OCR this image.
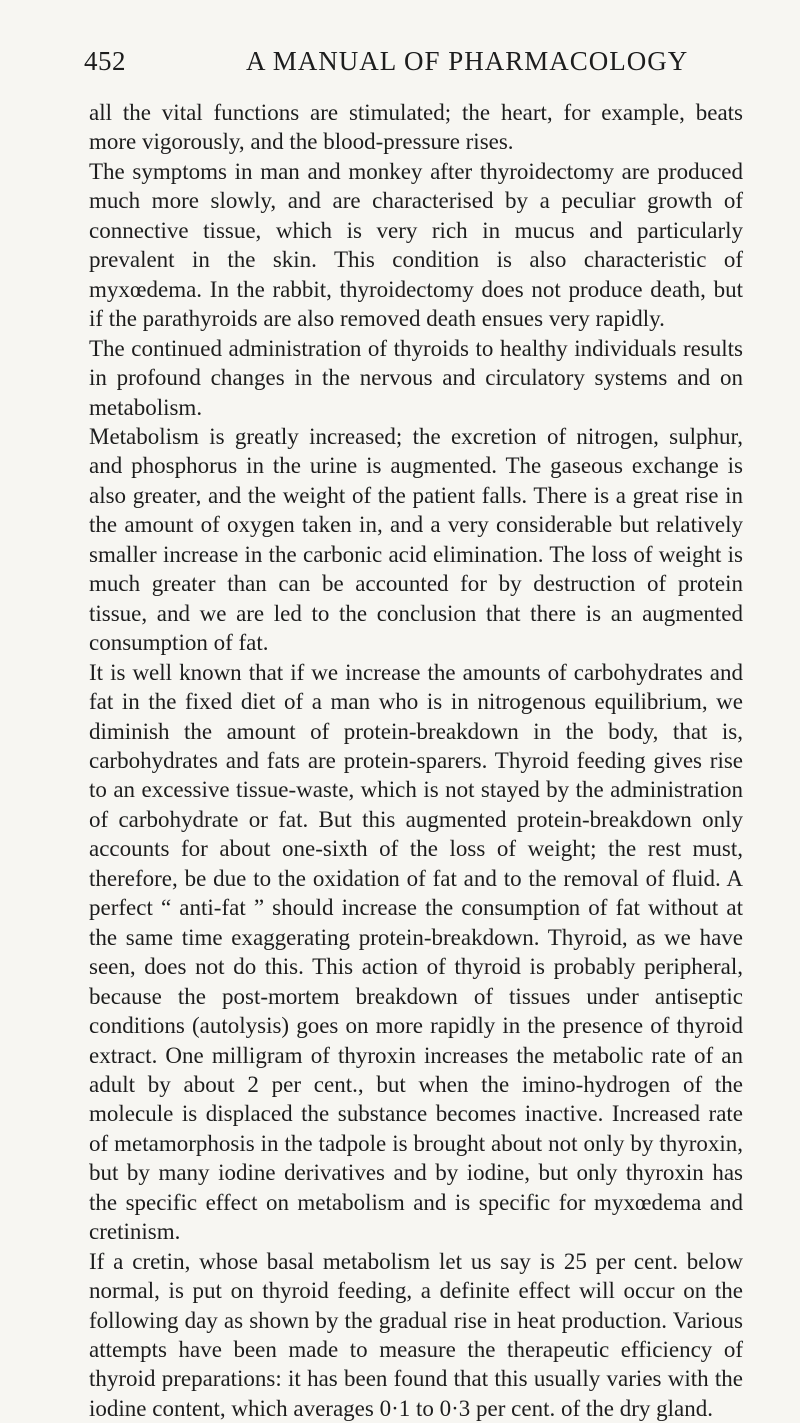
452	A MANUAL OF PHARMACOLOGY

all the vital functions are stimulated; the heart, for example, beats more vigorously, and the blood-pressure rises.

The symptoms in man and monkey after thyroidectomy are produced much more slowly, and are characterised by a peculiar growth of connective tissue, which is very rich in mucus and particularly prevalent in the skin. This condition is also characteristic of myxœdema. In the rabbit, thyroidectomy does not produce death, but if the parathyroids are also removed death ensues very rapidly.

The continued administration of thyroids to healthy individuals results in profound changes in the nervous and circulatory systems and on metabolism.

Metabolism is greatly increased; the excretion of nitrogen, sulphur, and phosphorus in the urine is augmented. The gaseous exchange is also greater, and the weight of the patient falls. There is a great rise in the amount of oxygen taken in, and a very considerable but relatively smaller increase in the carbonic acid elimination. The loss of weight is much greater than can be accounted for by destruction of protein tissue, and we are led to the conclusion that there is an augmented consumption of fat.

It is well known that if we increase the amounts of carbohydrates and fat in the fixed diet of a man who is in nitrogenous equilibrium, we diminish the amount of protein-breakdown in the body, that is, carbohydrates and fats are protein-sparers. Thyroid feeding gives rise to an excessive tissue-waste, which is not stayed by the administration of carbohydrate or fat. But this augmented protein-breakdown only accounts for about one-sixth of the loss of weight; the rest must, therefore, be due to the oxidation of fat and to the removal of fluid. A perfect “ anti-fat ” should increase the consumption of fat without at the same time exaggerating protein-breakdown. Thyroid, as we have seen, does not do this. This action of thyroid is probably peripheral, because the post-mortem breakdown of tissues under antiseptic conditions (autolysis) goes on more rapidly in the presence of thyroid extract. One milligram of thyroxin increases the metabolic rate of an adult by about 2 per cent., but when the imino-hydrogen of the molecule is displaced the substance becomes inactive. Increased rate of metamorphosis in the tadpole is brought about not only by thyroxin, but by many iodine derivatives and by iodine, but only thyroxin has the specific effect on metabolism and is specific for myxœdema and cretinism.

If a cretin, whose basal metabolism let us say is 25 per cent. below normal, is put on thyroid feeding, a definite effect will occur on the following day as shown by the gradual rise in heat production. Various attempts have been made to measure the therapeutic efficiency of thyroid preparations: it has been found that this usually varies with the iodine content, which averages 0·1 to 0·3 per cent. of the dry gland.
